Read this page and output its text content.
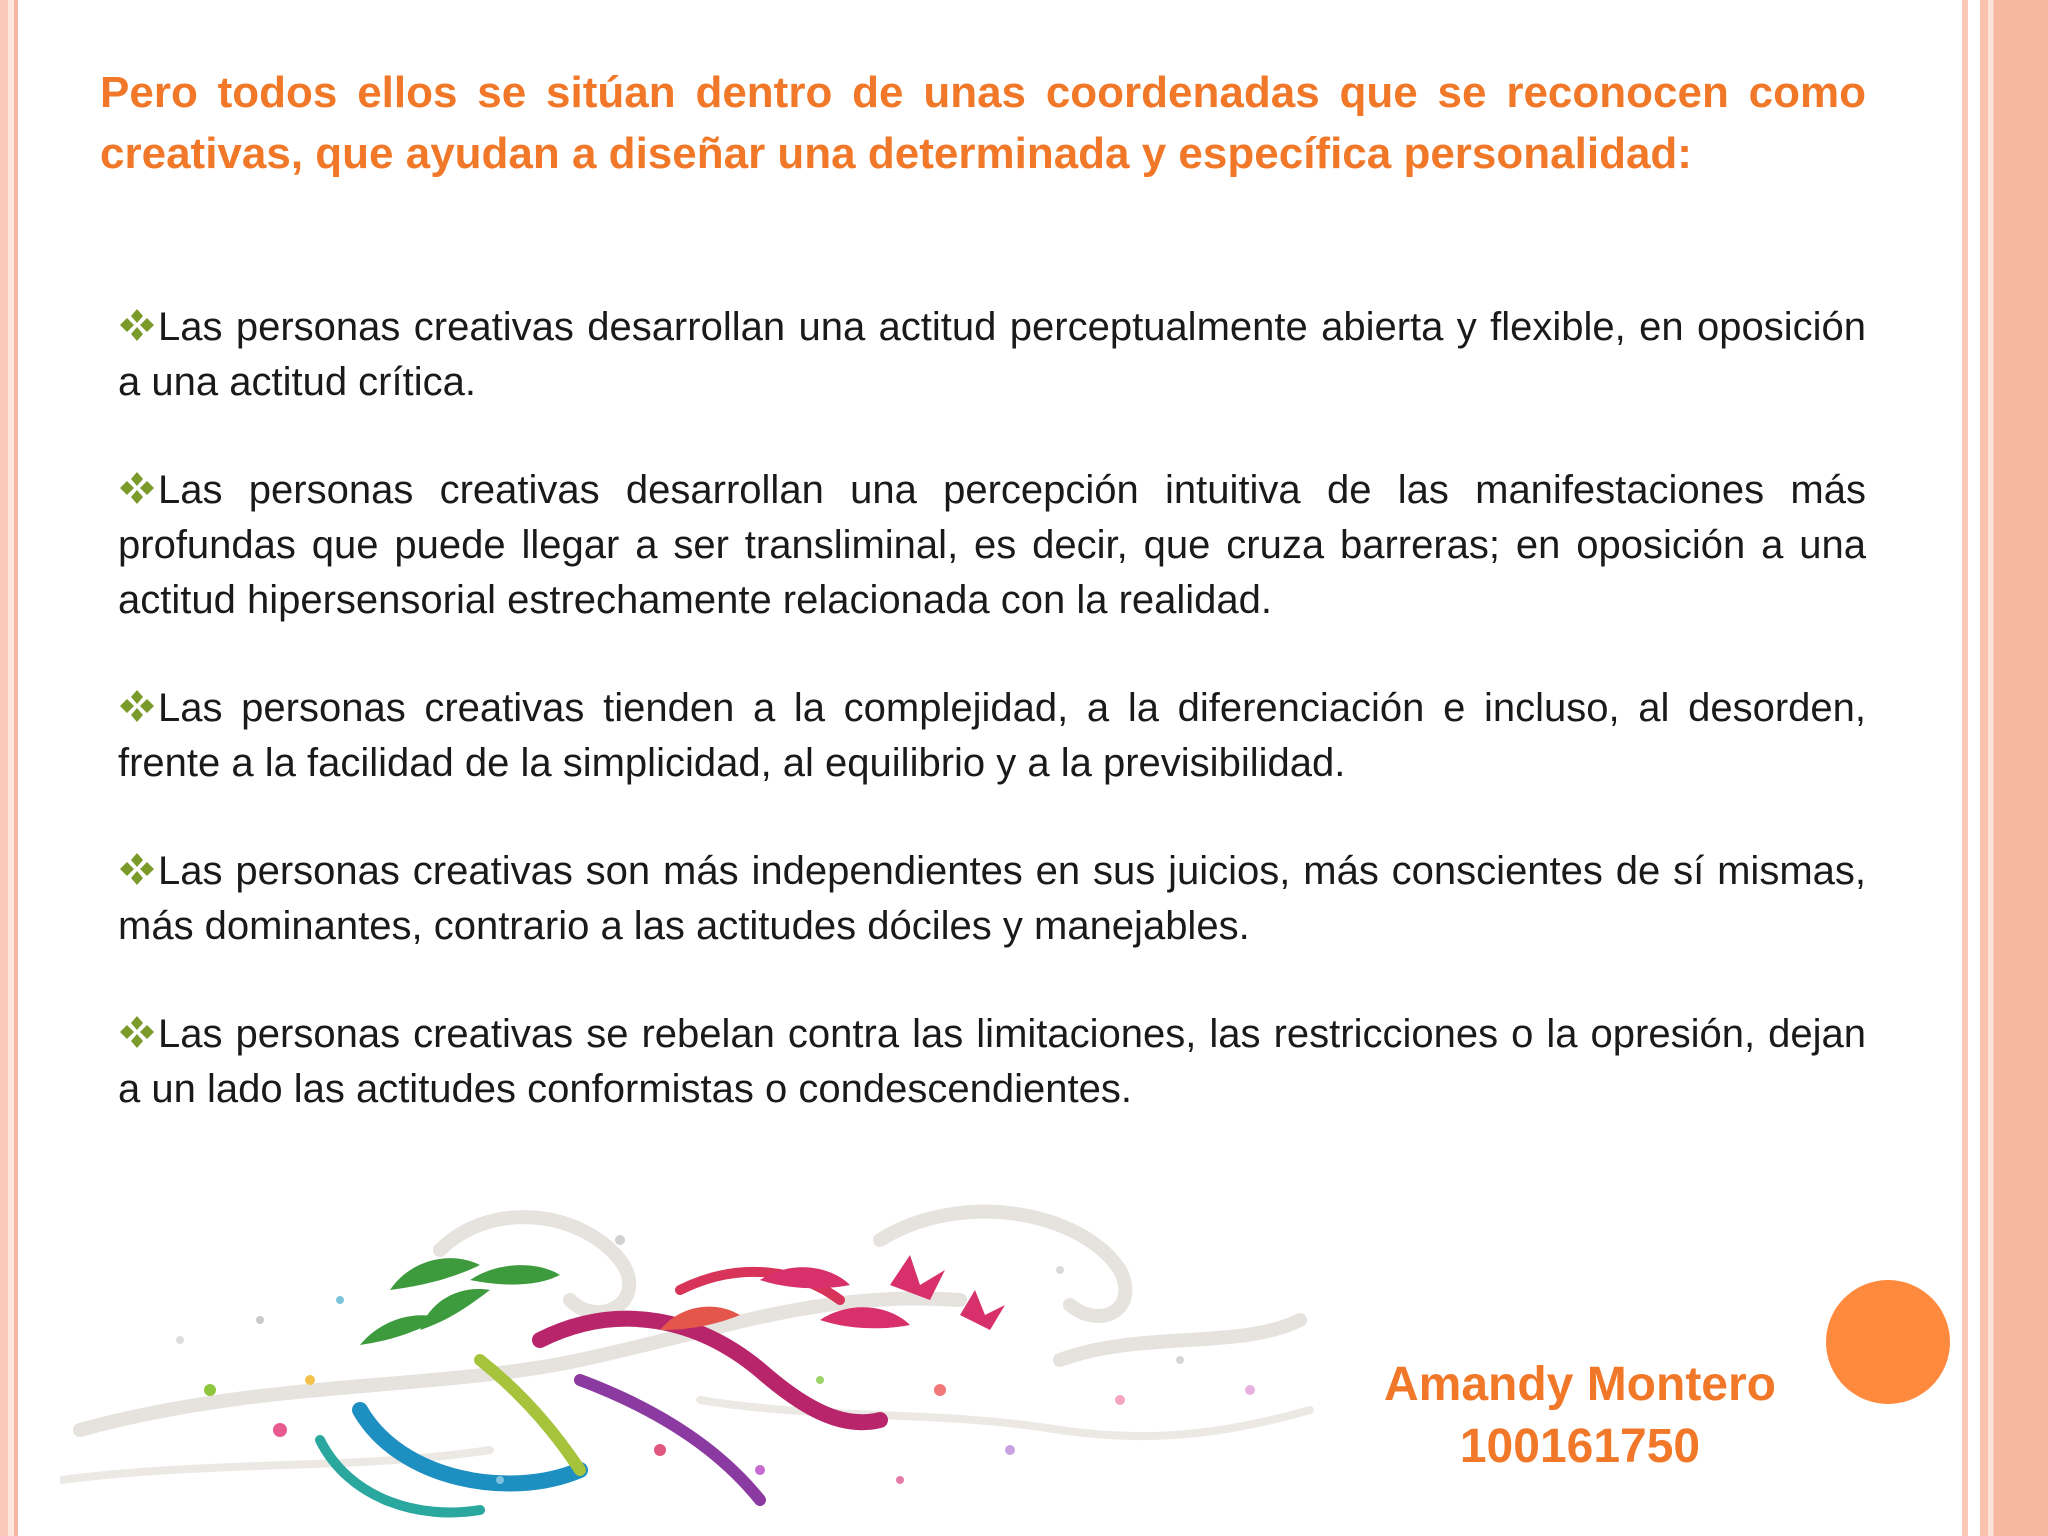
Pero todos ellos se sitúan dentro de unas coordenadas que se reconocen como creativas, que ayudan a diseñar una determinada y específica personalidad:

Las personas creativas desarrollan una actitud perceptualmente abierta y flexible, en oposición a una actitud crítica.
Las personas creativas desarrollan una percepción intuitiva de las manifestaciones más profundas que puede llegar a ser transliminal, es decir, que cruza barreras; en oposición a una actitud hipersensorial estrechamente relacionada con la realidad.
Las personas creativas tienden a la complejidad, a la diferenciación e incluso, al desorden, frente a la facilidad de la simplicidad, al equilibrio y a la previsibilidad.
Las personas creativas son más independientes en sus juicios, más conscientes de sí mismas, más dominantes, contrario a las actitudes dóciles y manejables.
Las personas creativas se rebelan contra las limitaciones, las restricciones o la opresión, dejan a un lado las actitudes conformistas o condescendientes.
Amandy Montero
100161750
